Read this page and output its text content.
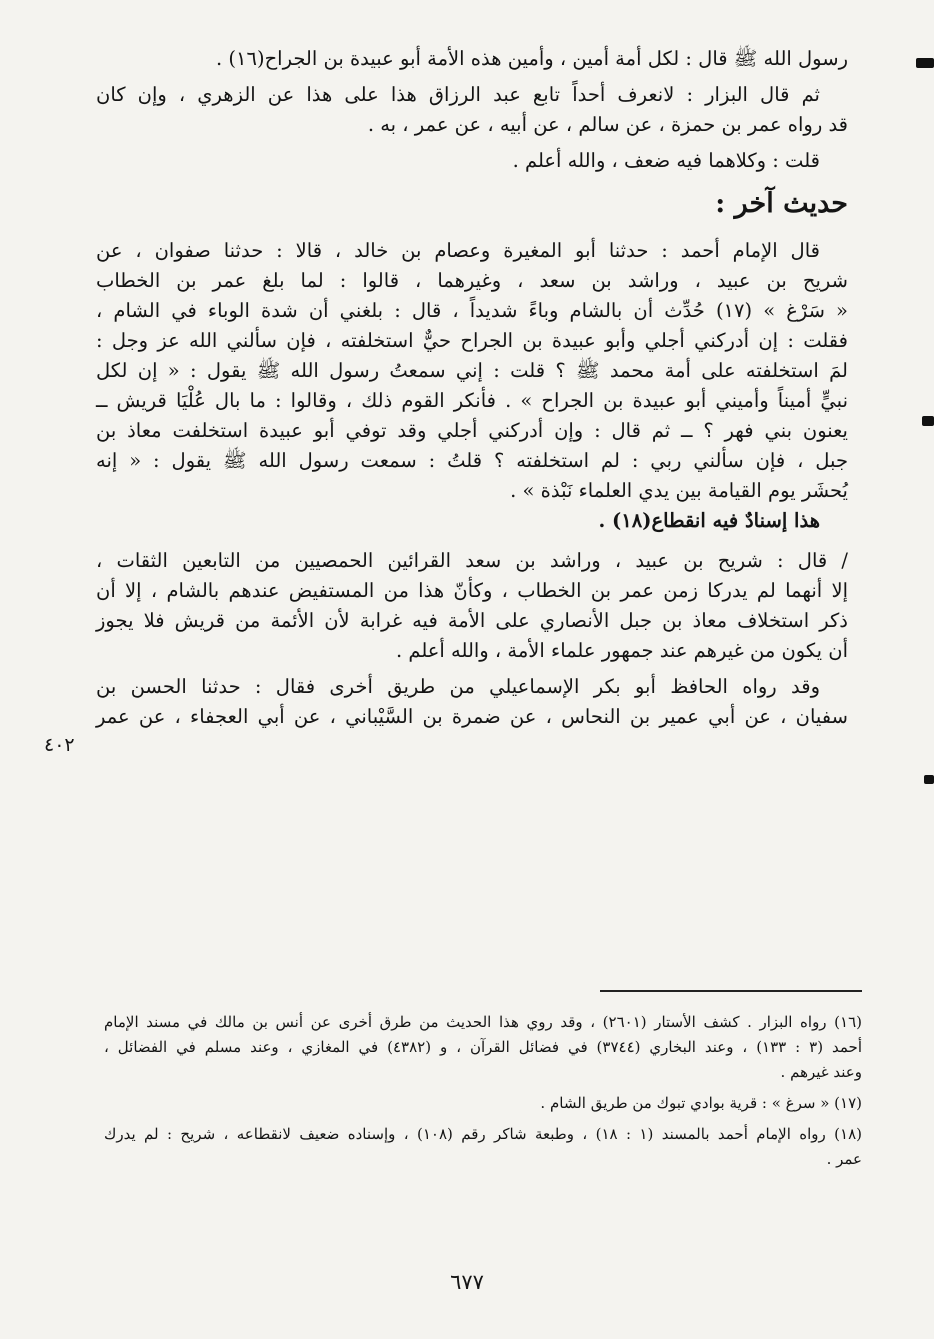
رسول الله ﷺ قال : لكل أمة أمين ، وأمين هذه الأمة أبو عبيدة بن الجراح(١٦) .
ثم قال البزار : لانعرف أحداً تابع عبد الرزاق هذا على هذا عن الزهري ، وإن كان
قد رواه عمر بن حمزة ، عن سالم ، عن أبيه ، عن عمر ، به .
قلت : وكلاهما فيه ضعف ، والله أعلم .
حديث آخر :
قال الإمام أحمد : حدثنا أبو المغيرة وعصام بن خالد ، قالا : حدثنا صفوان ، عن
شريح بن عبيد ، وراشد بن سعد ، وغيرهما ، قالوا : لما بلغ عمر بن الخطاب
« سَرْغ » (١٧) حُدِّث أن بالشام وباءً شديداً ، قال : بلغني أن شدة الوباء في الشام ،
فقلت : إن أدركني أجلي وأبو عبيدة بن الجراح حيٌّ استخلفته ، فإن سألني الله عز وجل :
لمَ استخلفته على أمة محمد ﷺ ؟ قلت : إني سمعتُ رسول الله ﷺ يقول : « إن لكل
نبيٍّ أميناً وأميني أبو عبيدة بن الجراح » . فأنكر القوم ذلك ، وقالوا : ما بال عُلْيَا قريش ــ
يعنون بني فهر ؟ ــ ثم قال : وإن أدركني أجلي وقد توفي أبو عبيدة استخلفت معاذ بن
جبل ، فإن سألني ربي : لم استخلفته ؟ قلتُ : سمعت رسول الله ﷺ يقول : « إنه
يُحشَر يوم القيامة بين يدي العلماء نَبْذة » .
هذا إسنادٌ فيه انقطاع(١٨) .
/ قال : شريح بن عبيد ، وراشد بن سعد القرائين الحمصيين من التابعين الثقات ،
إلا أنهما لم يدركا زمن عمر بن الخطاب ، وكأنّ هذا من المستفيض عندهم بالشام ، إلا أن
ذكر استخلاف معاذ بن جبل الأنصاري على الأمة فيه غرابة لأن الأئمة من قريش فلا يجوز
أن يكون من غيرهم عند جمهور علماء الأمة ، والله أعلم .
وقد رواه الحافظ أبو بكر الإسماعيلي من طريق أخرى فقال : حدثنا الحسن بن
سفيان ، عن أبي عمير بن النحاس ، عن ضمرة بن السَّيْباني ، عن أبي العجفاء ، عن عمر
٤٠٢
(١٦) رواه البزار . كشف الأستار (٢٦٠١) ، وقد روي هذا الحديث من طرق أخرى عن أنس بن مالك في مسند الإمام
أحمد (٣ : ١٣٣) ، وعند البخاري (٣٧٤٤) في فضائل القرآن ، و (٤٣٨٢) في المغازي ، وعند مسلم في الفضائل ،
وعند غيرهم .
(١٧) « سرغ » : قرية بوادي تبوك من طريق الشام .
(١٨) رواه الإمام أحمد بالمسند (١ : ١٨) ، وطبعة شاكر رقم (١٠٨) ، وإسناده ضعيف لانقطاعه ، شريح : لم يدرك
عمر .
٦٧٧
